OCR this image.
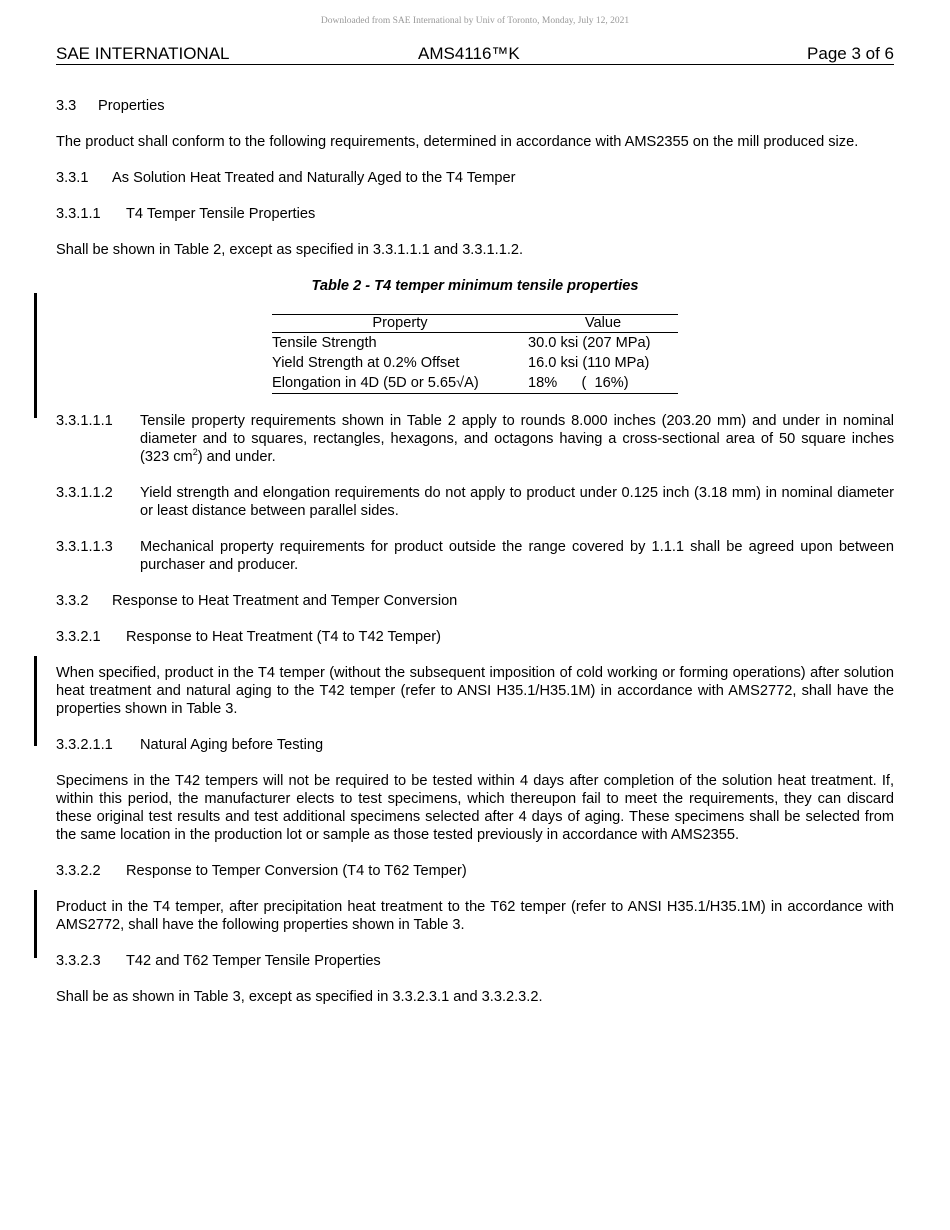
Downloaded from SAE International by Univ of Toronto, Monday, July 12, 2021
SAE INTERNATIONAL	AMS4116™K	Page 3 of 6
3.3 Properties
The product shall conform to the following requirements, determined in accordance with AMS2355 on the mill produced size.
3.3.1 As Solution Heat Treated and Naturally Aged to the T4 Temper
3.3.1.1 T4 Temper Tensile Properties
Shall be shown in Table 2, except as specified in 3.3.1.1.1 and 3.3.1.1.2.
Table 2 - T4 temper minimum tensile properties
Property	Value
Tensile Strength	30.0 ksi (207 MPa)
Yield Strength at 0.2% Offset	16.0 ksi (110 MPa)
Elongation in 4D (5D or 5.65√A)	18%      (  16%)
3.3.1.1.1 Tensile property requirements shown in Table 2 apply to rounds 8.000 inches (203.20 mm) and under in nominal diameter and to squares, rectangles, hexagons, and octagons having a cross-sectional area of 50 square inches (323 $cm^2$) and under.
3.3.1.1.2 Yield strength and elongation requirements do not apply to product under 0.125 inch (3.18 mm) in nominal diameter or least distance between parallel sides.
3.3.1.1.3 Mechanical property requirements for product outside the range covered by 1.1.1 shall be agreed upon between purchaser and producer.
3.3.2 Response to Heat Treatment and Temper Conversion
3.3.2.1 Response to Heat Treatment (T4 to T42 Temper)
When specified, product in the T4 temper (without the subsequent imposition of cold working or forming operations) after solution heat treatment and natural aging to the T42 temper (refer to ANSI H35.1/H35.1M) in accordance with AMS2772, shall have the properties shown in Table 3.
3.3.2.1.1 Natural Aging before Testing
Specimens in the T42 tempers will not be required to be tested within 4 days after completion of the solution heat treatment. If, within this period, the manufacturer elects to test specimens, which thereupon fail to meet the requirements, they can discard these original test results and test additional specimens selected after 4 days of aging. These specimens shall be selected from the same location in the production lot or sample as those tested previously in accordance with AMS2355.
3.3.2.2 Response to Temper Conversion (T4 to T62 Temper)
Product in the T4 temper, after precipitation heat treatment to the T62 temper (refer to ANSI H35.1/H35.1M) in accordance with AMS2772, shall have the following properties shown in Table 3.
3.3.2.3 T42 and T62 Temper Tensile Properties
Shall be as shown in Table 3, except as specified in 3.3.2.3.1 and 3.3.2.3.2.
